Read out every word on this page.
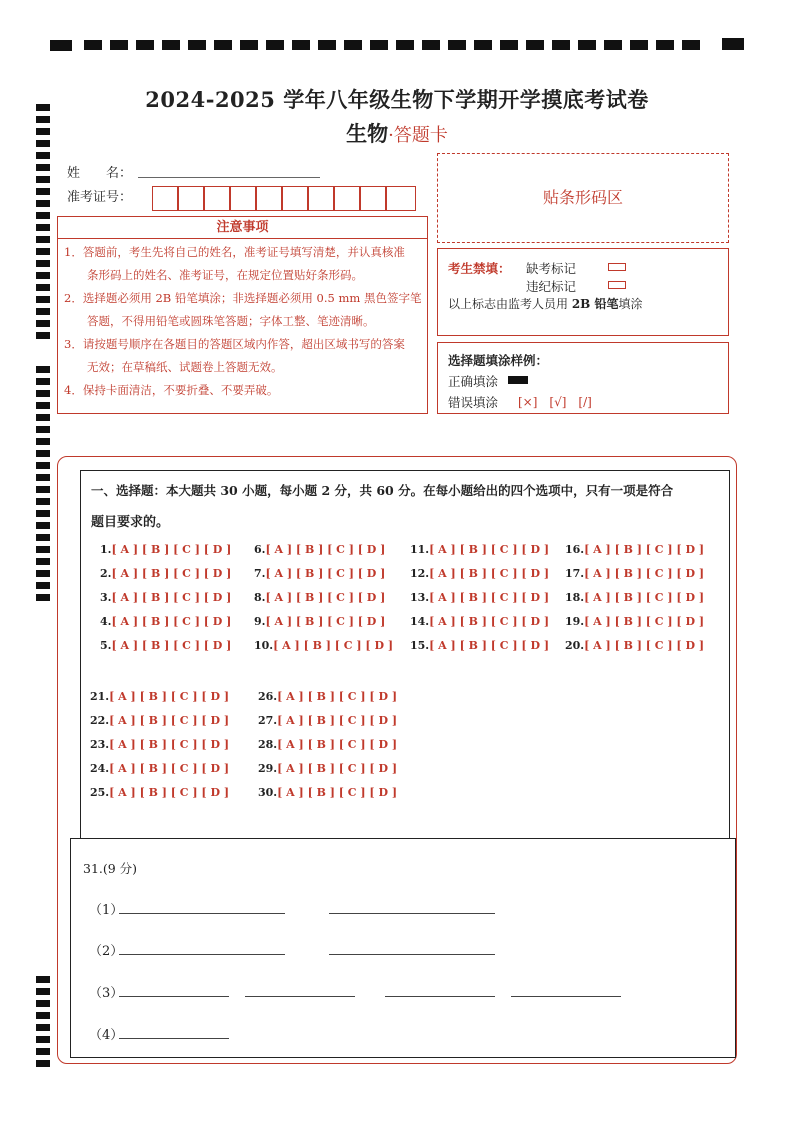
2024-2025 学年八年级生物下学期开学摸底考试卷
生物·答题卡
姓　　名：
准考证号：
注意事项
1．答题前，考生先将自己的姓名，准考证号填写清楚，并认真核准
　　条形码上的姓名、准考证号，在规定位置贴好条形码。
2．选择题必须用 2B 铅笔填涂；非选择题必须用 0.5 mm 黑色签字笔
　　答题，不得用铅笔或圆珠笔答题；字体工整、笔迹清晰。
3．请按题号顺序在各题目的答题区域内作答，超出区域书写的答案
　　无效；在草稿纸、试题卷上答题无效。
4．保持卡面清洁，不要折叠、不要弄破。
贴条形码区
考生禁填： 缺考标记
违纪标记
以上标志由监考人员用 2B 铅笔填涂
选择题填涂样例：
正确填涂
错误填涂 [×]　[√]　[/]
一、选择题：本大题共 30 小题，每小题 2 分，共 60 分。在每小题给出的四个选项中，只有一项是符合
题目要求的。
1.[ A ] [ B ] [ C ] [ D ]
2.[ A ] [ B ] [ C ] [ D ]
3.[ A ] [ B ] [ C ] [ D ]
4.[ A ] [ B ] [ C ] [ D ]
5.[ A ] [ B ] [ C ] [ D ]
6.[ A ] [ B ] [ C ] [ D ]
7.[ A ] [ B ] [ C ] [ D ]
8.[ A ] [ B ] [ C ] [ D ]
9.[ A ] [ B ] [ C ] [ D ]
10.[ A ] [ B ] [ C ] [ D ]
11.[ A ] [ B ] [ C ] [ D ]
12.[ A ] [ B ] [ C ] [ D ]
13.[ A ] [ B ] [ C ] [ D ]
14.[ A ] [ B ] [ C ] [ D ]
15.[ A ] [ B ] [ C ] [ D ]
16.[ A ] [ B ] [ C ] [ D ]
17.[ A ] [ B ] [ C ] [ D ]
18.[ A ] [ B ] [ C ] [ D ]
19.[ A ] [ B ] [ C ] [ D ]
20.[ A ] [ B ] [ C ] [ D ]
21.[ A ] [ B ] [ C ] [ D ]
22.[ A ] [ B ] [ C ] [ D ]
23.[ A ] [ B ] [ C ] [ D ]
24.[ A ] [ B ] [ C ] [ D ]
25.[ A ] [ B ] [ C ] [ D ]
26.[ A ] [ B ] [ C ] [ D ]
27.[ A ] [ B ] [ C ] [ D ]
28.[ A ] [ B ] [ C ] [ D ]
29.[ A ] [ B ] [ C ] [ D ]
30.[ A ] [ B ] [ C ] [ D ]
31.(9 分)
（1）
（2）
（3）
（4）
